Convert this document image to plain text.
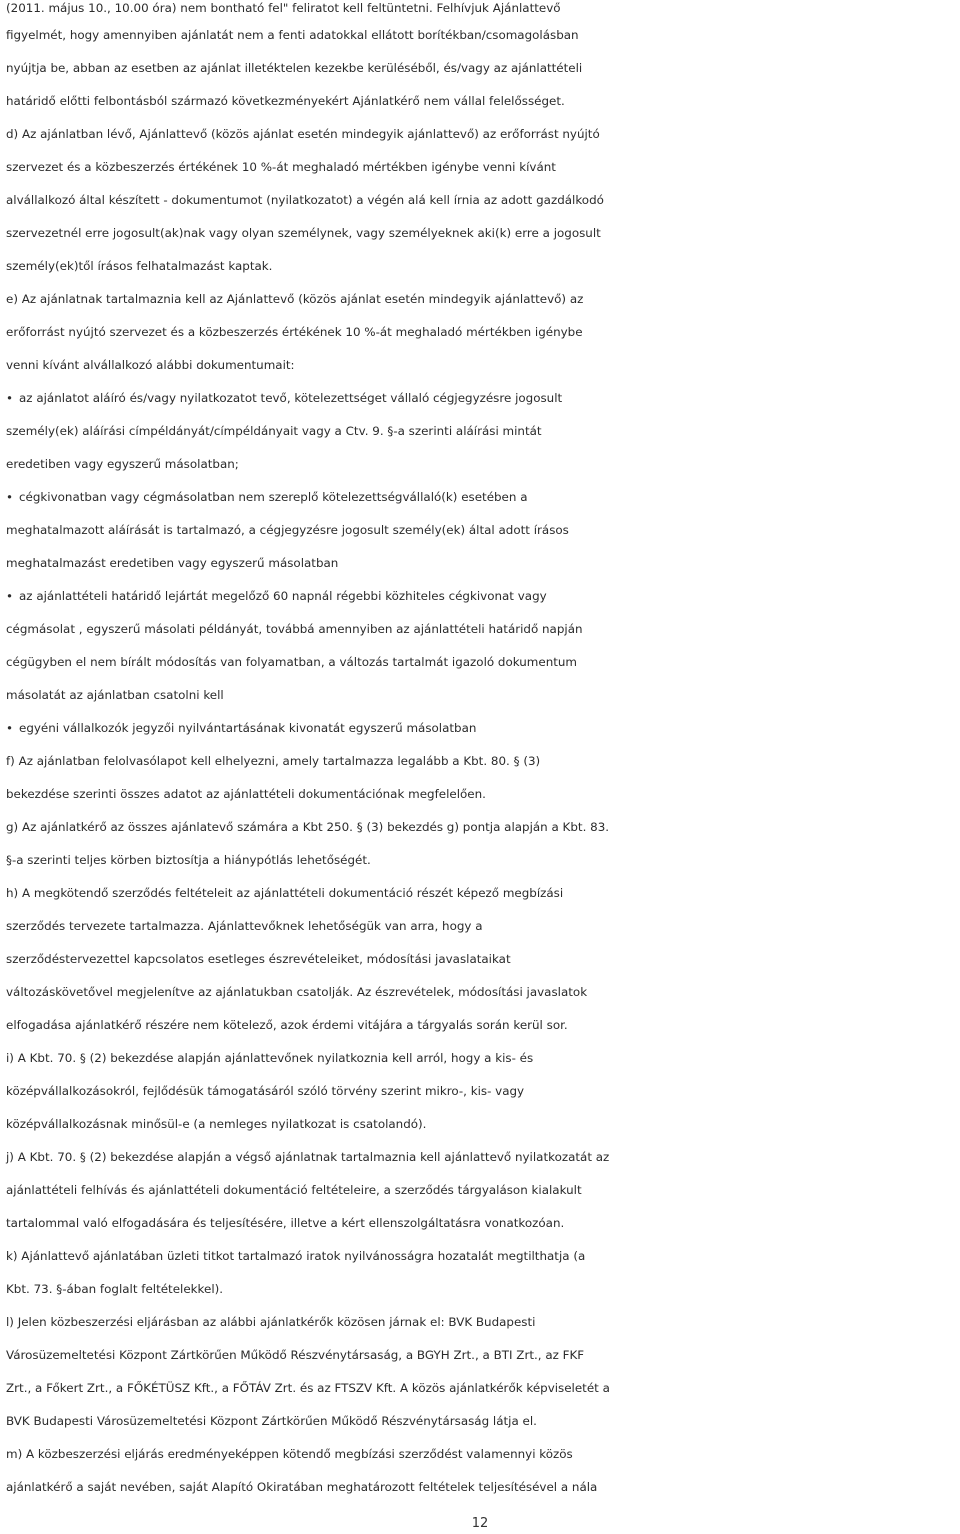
(2011. május 10., 10.00 óra) nem bontható fel" feliratot kell feltüntetni. Felhívjuk Ajánlattevő
figyelmét, hogy amennyiben ajánlatát nem a fenti adatokkal ellátott borítékban/csomagolásban
nyújtja be, abban az esetben az ajánlat illetéktelen kezekbe kerüléséből, és/vagy az ajánlattételi
határidő előtti felbontásból származó következményekért Ajánlatkérő nem vállal felelősséget.
d) Az ajánlatban lévő, Ajánlattevő (közös ajánlat esetén mindegyik ajánlattevő) az erőforrást nyújtó
szervezet és a közbeszerzés értékének 10 %-át meghaladó mértékben igénybe venni kívánt
alvállalkozó által készített - dokumentumot (nyilatkozatot) a végén alá kell írnia az adott gazdálkodó
szervezetnél erre jogosult(ak)nak vagy olyan személynek, vagy személyeknek aki(k) erre a jogosult
személy(ek)től írásos felhatalmazást kaptak.
e) Az ajánlatnak tartalmaznia kell az Ajánlattevő (közös ajánlat esetén mindegyik ajánlattevő) az
erőforrást nyújtó szervezet és a közbeszerzés értékének 10 %-át meghaladó mértékben igénybe
venni kívánt alvállalkozó alábbi dokumentumait:
• az ajánlatot aláíró és/vagy nyilatkozatot tevő, kötelezettséget vállaló cégjegyzésre jogosult
személy(ek) aláírási címpéldányát/címpéldányait vagy a Ctv. 9. §-a szerinti aláírási mintát
eredetiben vagy egyszerű másolatban;
• cégkivonatban vagy cégmásolatban nem szereplő kötelezettségvállaló(k) esetében a
meghatalmazott aláírását is tartalmazó, a cégjegyzésre jogosult személy(ek) által adott írásos
meghatalmazást eredetiben vagy egyszerű másolatban
• az ajánlattételi határidő lejártát megelőző 60 napnál régebbi közhiteles cégkivonat vagy
cégmásolat , egyszerű másolati példányát, továbbá amennyiben az ajánlattételi határidő napján
cégügyben el nem bírált módosítás van folyamatban, a változás tartalmát igazoló dokumentum
másolatát az ajánlatban csatolni kell
• egyéni vállalkozók jegyzői nyilvántartásának kivonatát egyszerű másolatban
f) Az ajánlatban felolvasólapot kell elhelyezni, amely tartalmazza legalább a Kbt. 80. § (3)
bekezdése szerinti összes adatot az ajánlattételi dokumentációnak megfelelően.
g) Az ajánlatkérő az összes ajánlatevő számára a Kbt 250. § (3) bekezdés g) pontja alapján a Kbt. 83.
§-a szerinti teljes körben biztosítja a hiánypótlás lehetőségét.
h) A megkötendő szerződés feltételeit az ajánlattételi dokumentáció részét képező megbízási
szerződés tervezete tartalmazza. Ajánlattevőknek lehetőségük van arra, hogy a
szerződéstervezettel kapcsolatos esetleges észrevételeiket, módosítási javaslataikat
változáskövetővel megjelenítve az ajánlatukban csatolják. Az észrevételek, módosítási javaslatok
elfogadása ajánlatkérő részére nem kötelező, azok érdemi vitájára a tárgyalás során kerül sor.
i) A Kbt. 70. § (2) bekezdése alapján ajánlattevőnek nyilatkoznia kell arról, hogy a kis- és
középvállalkozásokról, fejlődésük támogatásáról szóló törvény szerint mikro-, kis- vagy
középvállalkozásnak minősül-e (a nemleges nyilatkozat is csatolandó).
j) A Kbt. 70. § (2) bekezdése alapján a végső ajánlatnak tartalmaznia kell ajánlattevő nyilatkozatát az
ajánlattételi felhívás és ajánlattételi dokumentáció feltételeire, a szerződés tárgyaláson kialakult
tartalommal való elfogadására és teljesítésére, illetve a kért ellenszolgáltatásra vonatkozóan.
k) Ajánlattevő ajánlatában üzleti titkot tartalmazó iratok nyilvánosságra hozatalát megtilthatja (a
Kbt. 73. §-ában foglalt feltételekkel).
l) Jelen közbeszerzési eljárásban az alábbi ajánlatkérők közösen járnak el: BVK Budapesti
Városüzemeltetési Központ Zártkörűen Működő Részvénytársaság, a BGYH Zrt., a BTI Zrt., az FKF
Zrt., a Főkert Zrt., a FŐKÉTÜSZ Kft., a FŐTÁV Zrt. és az FTSZV Kft. A közös ajánlatkérők képviseletét a
BVK Budapesti Városüzemeltetési Központ Zártkörűen Működő Részvénytársaság látja el.
m) A közbeszerzési eljárás eredményeképpen kötendő megbízási szerződést valamennyi közös
ajánlatkérő a saját nevében, saját Alapító Okiratában meghatározott feltételek teljesítésével a nála
12
